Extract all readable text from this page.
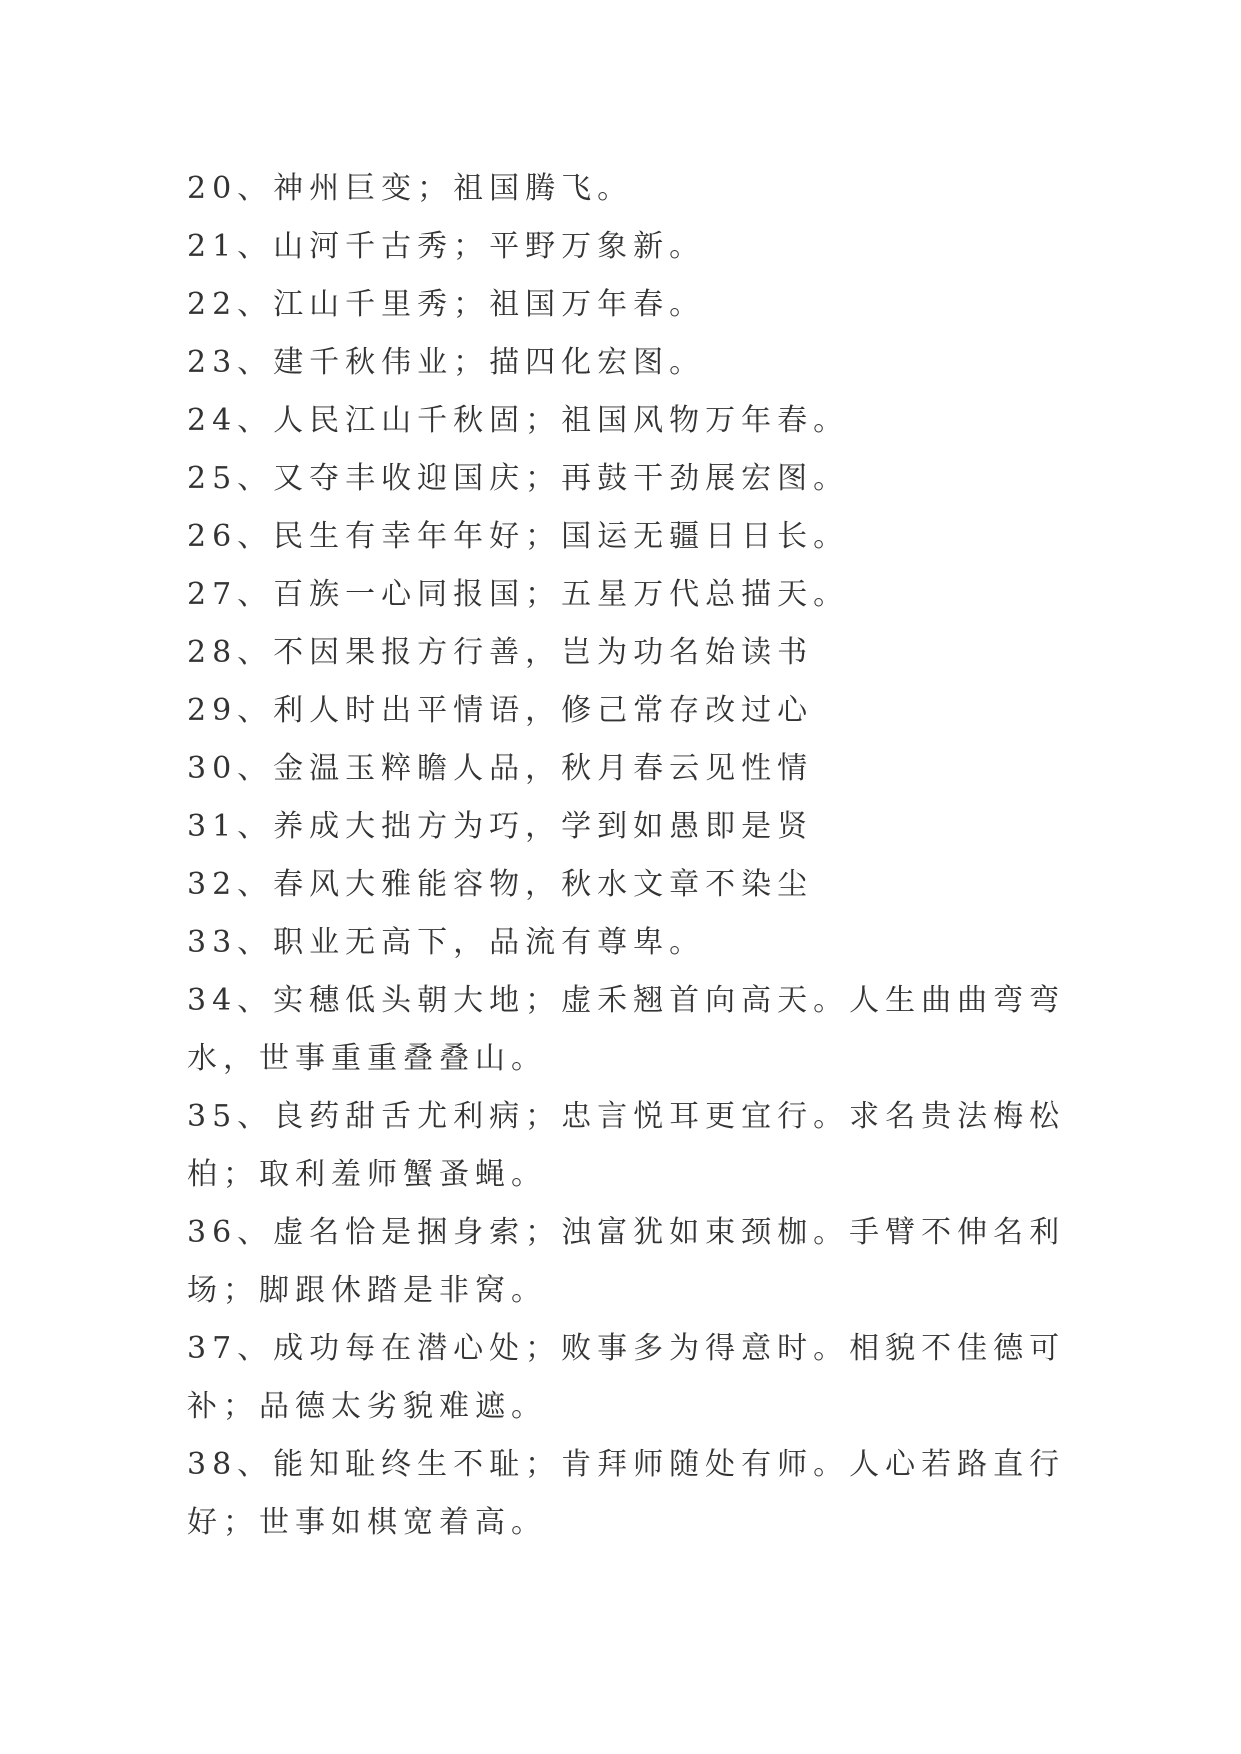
20、神州巨变；祖国腾飞。

21、山河千古秀；平野万象新。

22、江山千里秀；祖国万年春。

23、建千秋伟业；描四化宏图。

24、人民江山千秋固；祖国风物万年春。

25、又夺丰收迎国庆；再鼓干劲展宏图。

26、民生有幸年年好；国运无疆日日长。

27、百族一心同报国；五星万代总描天。

28、不因果报方行善，岂为功名始读书

29、利人时出平情语，修己常存改过心

30、金温玉粹瞻人品，秋月春云见性情

31、养成大拙方为巧，学到如愚即是贤

32、春风大雅能容物，秋水文章不染尘

33、职业无高下，品流有尊卑。

34、实穗低头朝大地；虚禾翘首向高天。人生曲曲弯弯水，世事重重叠叠山。

35、良药甜舌尤利病；忠言悦耳更宜行。求名贵法梅松柏；取利羞师蟹蚤蝇。

36、虚名恰是捆身索；浊富犹如束颈枷。手臂不伸名利场；脚跟休踏是非窝。

37、成功每在潜心处；败事多为得意时。相貌不佳德可补；品德太劣貌难遮。

38、能知耻终生不耻；肯拜师随处有师。人心若路直行好；世事如棋宽着高。
